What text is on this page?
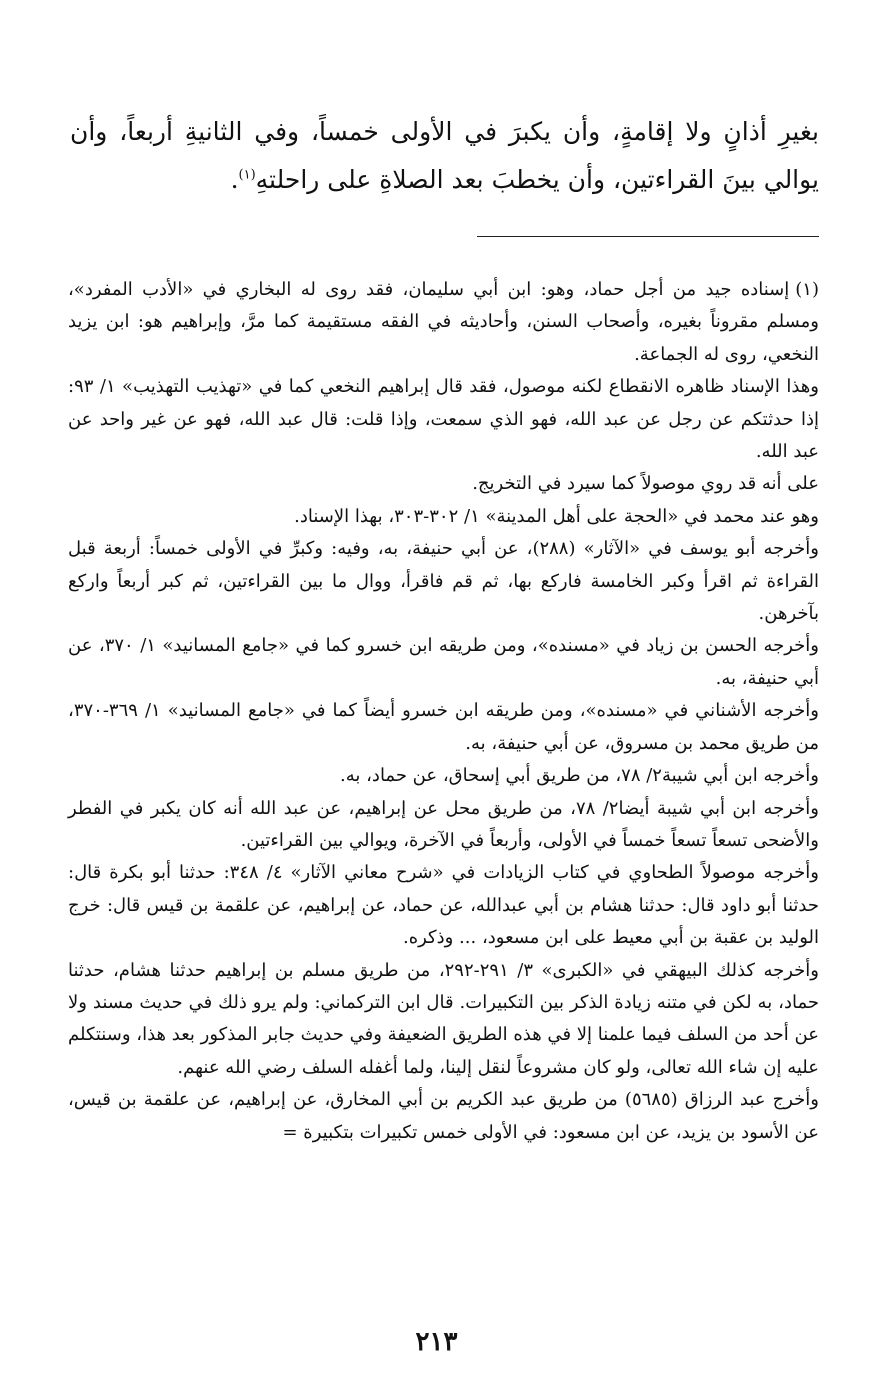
بغيرِ أذانٍ ولا إقامةٍ، وأن يكبرَ في الأولى خمساً، وفي الثانيةِ أربعاً، وأن يوالي بينَ القراءتين، وأن يخطبَ بعد الصلاةِ على راحلتهِ$^{(١)}$.

(١)إسناده جيد من أجل حماد، وهو: ابن أبي سليمان، فقد روى له البخاري في «الأدب المفرد»، ومسلم مقروناً بغيره، وأصحاب السنن، وأحاديثه في الفقه مستقيمة كما مرَّ، وإبراهيم هو: ابن يزيد النخعي، روى له الجماعة.

وهذا الإسناد ظاهره الانقطاع لكنه موصول، فقد قال إبراهيم النخعي كما في «تهذيب التهذيب» ١/ ٩٣: إذا حدثتكم عن رجل عن عبد الله، فهو الذي سمعت، وإذا قلت: قال عبد الله، فهو عن غير واحد عن عبد الله.

على أنه قد روي موصولاً كما سيرد في التخريج.

وهو عند محمد في «الحجة على أهل المدينة» ١/ ٣٠٢-٣٠٣، بهذا الإسناد.

وأخرجه أبو يوسف في «الآثار» (٢٨٨)، عن أبي حنيفة، به، وفيه: وكبرِّ في الأولى خمساً: أربعة قبل القراءة ثم اقرأ وكبر الخامسة فاركع بها، ثم قم فاقرأ، ووال ما بين القراءتين، ثم كبر أربعاً واركع بآخرهن.

وأخرجه الحسن بن زياد في «مسنده»، ومن طريقه ابن خسرو كما في «جامع المسانيد» ١/ ٣٧٠، عن أبي حنيفة، به.

وأخرجه الأشناني في «مسنده»، ومن طريقه ابن خسرو أيضاً كما في «جامع المسانيد» ١/ ٣٦٩-٣٧٠، من طريق محمد بن مسروق، عن أبي حنيفة، به.

وأخرجه ابن أبي شيبة٢/ ٧٨، من طريق أبي إسحاق، عن حماد، به.

وأخرجه ابن أبي شيبة أيضا٢/ ٧٨، من طريق محل عن إبراهيم، عن عبد الله أنه كان يكبر في الفطر والأضحى تسعاً تسعاً خمساً في الأولى، وأربعاً في الآخرة، ويوالي بين القراءتين.

وأخرجه موصولاً الطحاوي في كتاب الزيادات في «شرح معاني الآثار» ٤/ ٣٤٨: حدثنا أبو بكرة قال: حدثنا أبو داود قال: حدثنا هشام بن أبي عبدالله، عن حماد، عن إبراهيم، عن علقمة بن قيس قال: خرج الوليد بن عقبة بن أبي معيط على ابن مسعود، ... وذكره.

وأخرجه كذلك البيهقي في «الكبرى» ٣/ ٢٩١-٢٩٢، من طريق مسلم بن إبراهيم حدثنا هشام، حدثنا حماد، به لكن في متنه زيادة الذكر بين التكبيرات. قال ابن التركماني: ولم يرو ذلك في حديث مسند ولا عن أحد من السلف فيما علمنا إلا في هذه الطريق الضعيفة وفي حديث جابر المذكور بعد هذا، وسنتكلم عليه إن شاء الله تعالى، ولو كان مشروعاً لنقل إلينا، ولما أغفله السلف رضي الله عنهم.

وأخرج عبد الرزاق (٥٦٨٥) من طريق عبد الكريم بن أبي المخارق، عن إبراهيم، عن علقمة بن قيس، عن الأسود بن يزيد، عن ابن مسعود: في الأولى خمس تكبيرات بتكبيرة =

٢١٣
